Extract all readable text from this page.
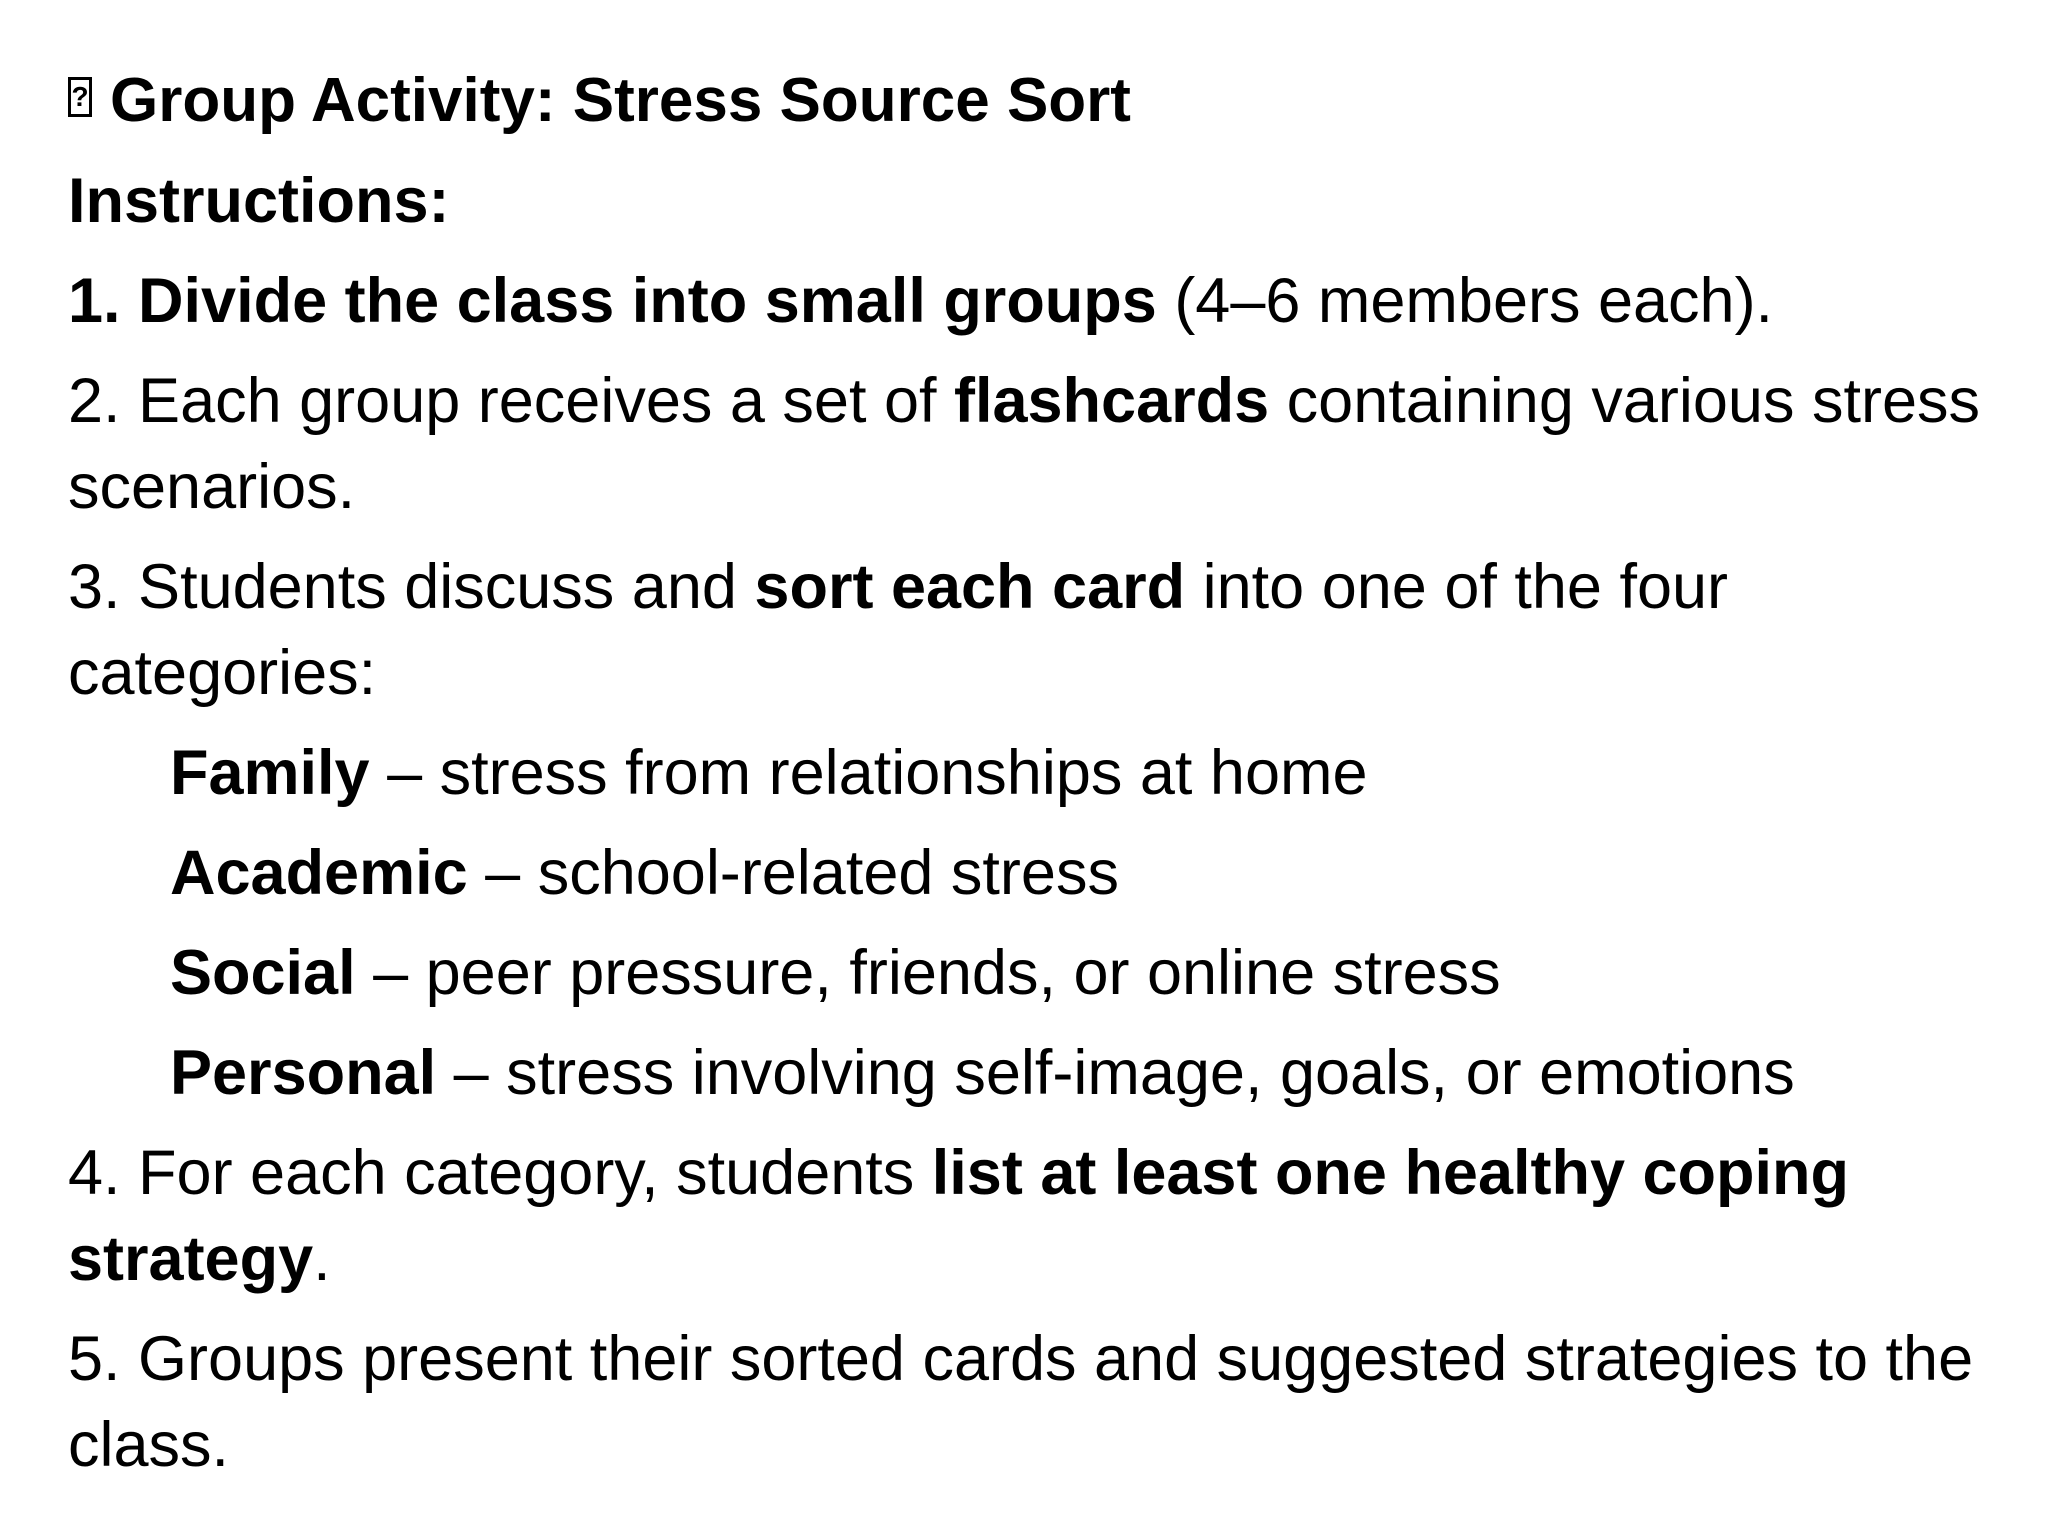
?Group Activity: Stress Source Sort
Instructions:
1. Divide the class into small groups (4–6 members each).
2. Each group receives a set of flashcards containing various stress scenarios.
3. Students discuss and sort each card into one of the four categories:
Family – stress from relationships at home
Academic – school-related stress
Social – peer pressure, friends, or online stress
Personal – stress involving self-image, goals, or emotions
4. For each category, students list at least one healthy coping strategy.
5. Groups present their sorted cards and suggested strategies to the class.
